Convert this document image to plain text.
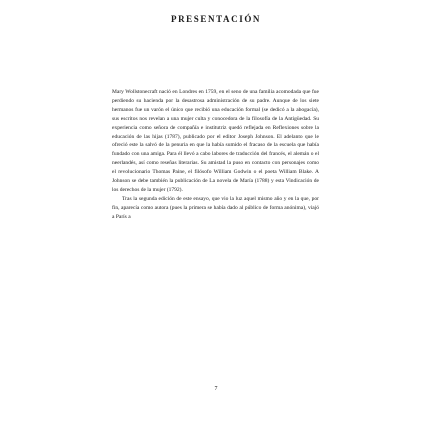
PRESENTACIÓN

Mary Wollstonecraft nació en Londres en 1759, en el seno de una familia acomodada que fue perdiendo su hacienda por la desastrosa administración de su padre. Aunque de los siete hermanos fue un varón el único que recibió una educación formal (se dedicó a la abogacía), sus escritos nos revelan a una mujer culta y conocedora de la filosofía de la Antigüedad. Su experiencia como señora de compañía e institutriz quedó reflejada en Reflexiones sobre la educación de las hijas (1787), publicado por el editor Joseph Johnson. El adelanto que le ofreció este la salvó de la penuria en que la había sumido el fracaso de la escuela que había fundado con una amiga. Para él llevó a cabo labores de traducción del francés, el alemán o el neerlandés, así como reseñas literarias. Su amistad la puso en contacto con personajes como el revolucionario Thomas Paine, el filósofo William Godwin o el poeta William Blake. A Johnson se debe también la publicación de La novela de María (1788) y esta Vindicación de los derechos de la mujer (1792).

Tras la segunda edición de este ensayo, que vio la luz aquel mismo año y en la que, por fin, aparecía como autora (pues la primera se había dado al público de forma anónima), viajó a París a

7
